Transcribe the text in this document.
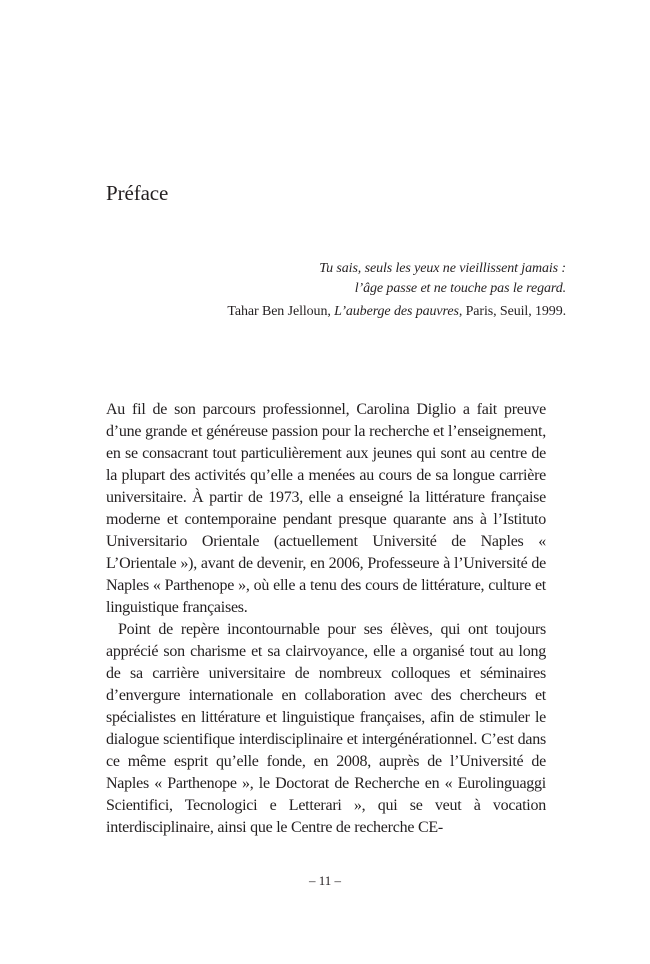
Préface
Tu sais, seuls les yeux ne vieillissent jamais :
l’âge passe et ne touche pas le regard.
Tahar Ben Jelloun, L’auberge des pauvres, Paris, Seuil, 1999.

Au fil de son parcours professionnel, Carolina Diglio a fait preuve d’une grande et généreuse passion pour la recherche et l’enseignement, en se consacrant tout particulièrement aux jeunes qui sont au centre de la plupart des activités qu’elle a menées au cours de sa longue carrière universitaire. À partir de 1973, elle a enseigné la littérature française moderne et contemporaine pendant presque quarante ans à l’Istituto Universitario Orientale (actuellement Université de Naples « L’Orientale »), avant de devenir, en 2006, Professeure à l’Université de Naples « Parthenope », où elle a tenu des cours de littérature, culture et linguistique françaises.

Point de repère incontournable pour ses élèves, qui ont toujours apprécié son charisme et sa clairvoyance, elle a organisé tout au long de sa carrière universitaire de nombreux colloques et séminaires d’envergure internationale en collaboration avec des chercheurs et spécialistes en littérature et linguistique françaises, afin de stimuler le dialogue scientifique interdisciplinaire et intergénérationnel. C’est dans ce même esprit qu’elle fonde, en 2008, auprès de l’Université de Naples « Parthenope », le Doctorat de Recherche en « Eurolinguaggi Scientifici, Tecnologici e Letterari », qui se veut à vocation interdisciplinaire, ainsi que le Centre de recherche CE-

– 11 –
